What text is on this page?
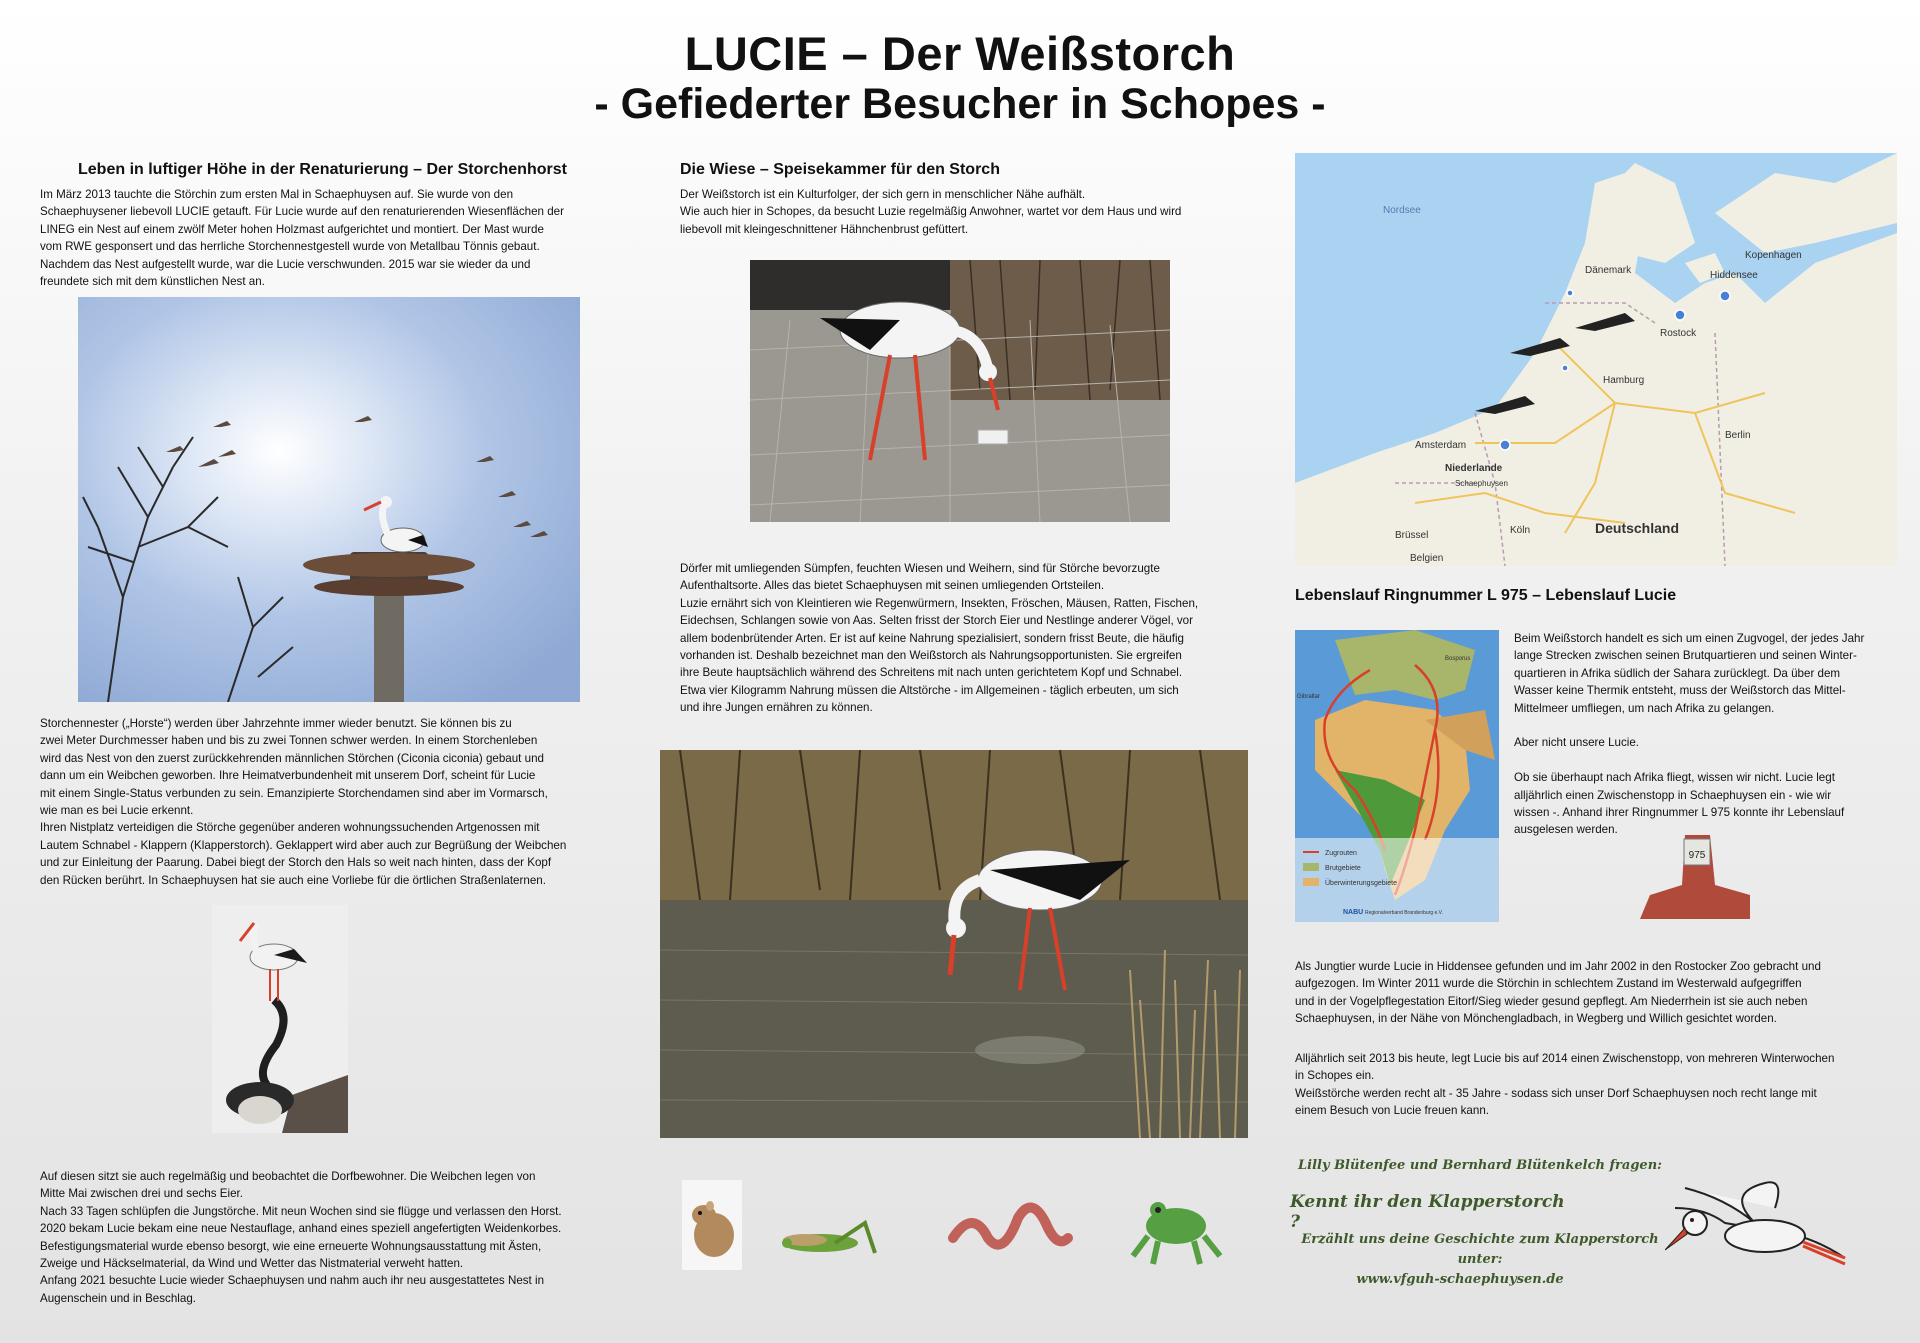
LUCIE – Der Weißstorch
- Gefiederter Besucher in Schopes -
Leben in luftiger Höhe in der Renaturierung – Der Storchenhorst

Im März 2013 tauchte die Störchin zum ersten Mal in Schaephuysen auf. Sie wurde von den

Schaephuysener liebevoll LUCIE getauft. Für Lucie wurde auf den renaturierenden Wiesenflächen der

LINEG ein Nest auf einem zwölf Meter hohen Holzmast aufgerichtet und montiert. Der Mast wurde

vom RWE gesponsert und das herrliche Storchennestgestell wurde von Metallbau Tönnis gebaut.

Nachdem das Nest aufgestellt wurde, war die Lucie verschwunden. 2015 war sie wieder da und

freundete sich mit dem künstlichen Nest an.

Storchennester („Horste“) werden über Jahrzehnte immer wieder benutzt. Sie können bis zu

zwei Meter Durchmesser haben und bis zu zwei Tonnen schwer werden. In einem Storchenleben

wird das Nest von den zuerst zurückkehrenden männlichen Störchen (Ciconia ciconia) gebaut und

dann um ein Weibchen geworben. Ihre Heimatverbundenheit mit unserem Dorf, scheint für Lucie

mit einem Single-Status verbunden zu sein. Emanzipierte Storchendamen sind aber im Vormarsch,

wie man es bei Lucie erkennt.

Ihren Nistplatz verteidigen die Störche gegenüber anderen wohnungssuchenden Artgenossen mit

Lautem Schnabel - Klappern (Klapperstorch). Geklappert wird aber auch zur Begrüßung der Weibchen

und zur Einleitung der Paarung. Dabei biegt der Storch den Hals so weit nach hinten, dass der Kopf

den Rücken berührt. In Schaephuysen hat sie auch eine Vorliebe für die örtlichen Straßenlaternen.

Auf diesen sitzt sie auch regelmäßig und beobachtet die Dorfbewohner. Die Weibchen legen von

Mitte Mai zwischen drei und sechs Eier.

Nach 33 Tagen schlüpfen die Jungstörche. Mit neun Wochen sind sie flügge und verlassen den Horst.

2020 bekam Lucie bekam eine neue Nestauflage, anhand eines speziell angefertigten Weidenkorbes.

Befestigungsmaterial wurde ebenso besorgt, wie eine erneuerte Wohnungsausstattung mit Ästen,

Zweige und Häckselmaterial, da Wind und Wetter das Nistmaterial verweht hatten.

Anfang 2021 besuchte Lucie wieder Schaephuysen und nahm auch ihr neu ausgestattetes Nest in

Augenschein und in Beschlag.

Die Wiese – Speisekammer für den Storch

Der Weißstorch ist ein Kulturfolger, der sich gern in menschlicher Nähe aufhält.

Wie auch hier in Schopes, da besucht Luzie regelmäßig Anwohner, wartet vor dem Haus und wird

liebevoll mit kleingeschnittener Hähnchenbrust gefüttert.

Dörfer mit umliegenden Sümpfen, feuchten Wiesen und Weihern, sind für Störche bevorzugte

Aufenthaltsorte. Alles das bietet Schaephuysen mit seinen umliegenden Ortsteilen.

Luzie ernährt sich von Kleintieren wie Regenwürmern, Insekten, Fröschen, Mäusen, Ratten, Fischen,

Eidechsen, Schlangen sowie von Aas. Selten frisst der Storch Eier und Nestlinge anderer Vögel, vor

allem bodenbrütender Arten. Er ist auf keine Nahrung spezialisiert, sondern frisst Beute, die häufig

vorhanden ist. Deshalb bezeichnet man den Weißstorch als Nahrungsopportunisten. Sie ergreifen

ihre Beute hauptsächlich während des Schreitens mit nach unten gerichtetem Kopf und Schnabel.

Etwa vier Kilogramm Nahrung müssen die Altstörche - im Allgemeinen - täglich erbeuten, um sich

und ihre Jungen ernähren zu können.

Nordsee
Dänemark
Kopenhagen
Hiddensee
Rostock
Hamburg
Berlin
Amsterdam
Niederlande
Schaephuysen
Köln
Brüssel	Deutschland
Belgien
Lebenslauf Ringnummer L 975 – Lebenslauf Lucie
Zugrouten
Brutgebiete
Überwinterungsgebiete
NABU Regionalverband Brandenburg e.V.
Gibraltar
Bosporus

Beim Weißstorch handelt es sich um einen Zugvogel, der jedes Jahr

lange Strecken zwischen seinen Brutquartieren und seinen Winter-

quartieren in Afrika südlich der Sahara zurücklegt. Da über dem

Wasser keine Thermik entsteht, muss der Weißstorch das Mittel-

Mittelmeer umfliegen, um nach Afrika zu gelangen.

Aber nicht unsere Lucie.

Ob sie überhaupt nach Afrika fliegt, wissen wir nicht. Lucie legt

alljährlich einen Zwischenstopp in Schaephuysen ein - wie wir

wissen -. Anhand ihrer Ringnummer L 975 konnte ihr Lebenslauf

ausgelesen werden.

975

Als Jungtier wurde Lucie in Hiddensee gefunden und im Jahr 2002 in den Rostocker Zoo gebracht und

aufgezogen. Im Winter 2011 wurde die Störchin in schlechtem Zustand im Westerwald aufgegriffen

und in der Vogelpflegestation Eitorf/Sieg wieder gesund gepflegt. Am Niederrhein ist sie auch neben

Schaephuysen, in der Nähe von Mönchengladbach, in Wegberg und Willich gesichtet worden.

Alljährlich seit 2013 bis heute, legt Lucie bis auf 2014 einen Zwischenstopp, von mehreren Winterwochen

in Schopes ein.

Weißstörche werden recht alt - 35 Jahre - sodass sich unser Dorf Schaephuysen noch recht lange mit

einem Besuch von Lucie freuen kann.

Lilly Blütenfee und Bernhard Blütenkelch fragen:
Kennt ihr den Klapperstorch ?
Erzählt uns deine Geschichte zum Klapperstorch
unter:
www.vfguh-schaephuysen.de
